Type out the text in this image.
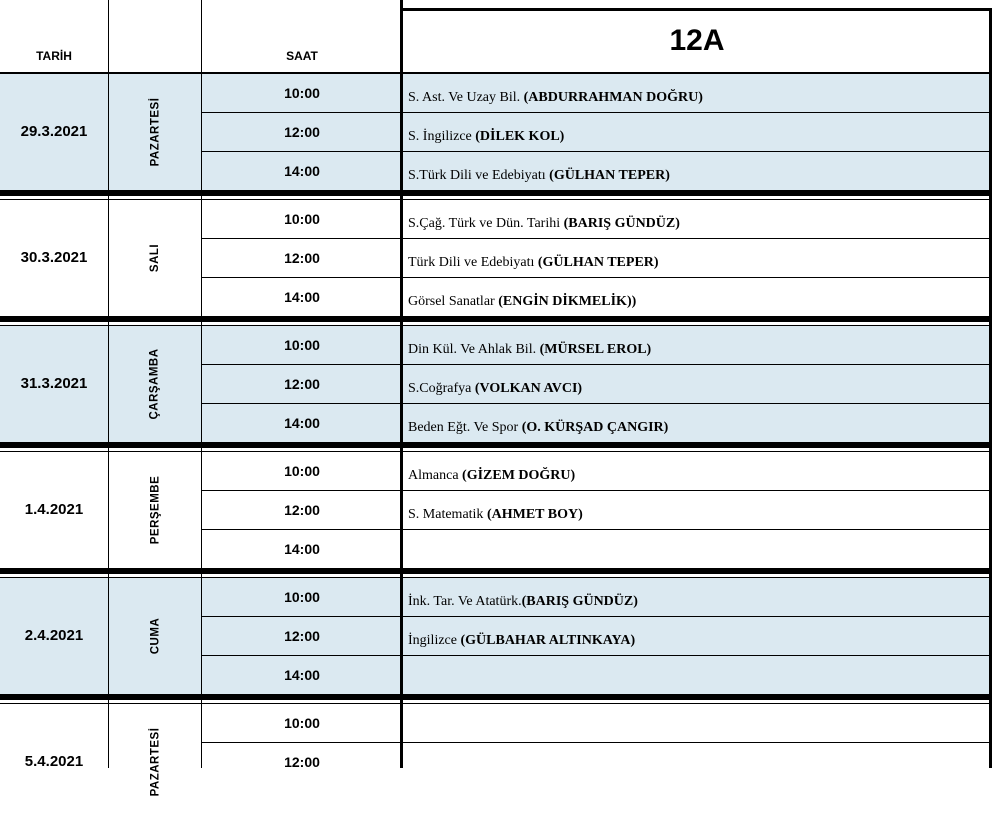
TARİH	SAAT	12A
29.3.2021	PAZARTESİ
10:00	S. Ast. Ve Uzay Bil. (ABDURRAHMAN DOĞRU)
12:00	S. İngilizce (DİLEK KOL)
14:00	S.Türk Dili ve Edebiyatı (GÜLHAN TEPER)
30.3.2021	SALI
10:00	S.Çağ. Türk ve Dün. Tarihi (BARIŞ GÜNDÜZ)
12:00	Türk Dili ve Edebiyatı (GÜLHAN TEPER)
14:00	Görsel Sanatlar (ENGİN DİKMELİK))
31.3.2021	ÇARŞAMBA
10:00	Din Kül. Ve Ahlak Bil. (MÜRSEL EROL)
12:00	S.Coğrafya (VOLKAN AVCI)
14:00	Beden Eğt. Ve Spor (O. KÜRŞAD ÇANGIR)
1.4.2021	PERŞEMBE
10:00	Almanca (GİZEM DOĞRU)
12:00	S. Matematik (AHMET BOY)
14:00
2.4.2021	CUMA
10:00	İnk. Tar. Ve Atatürk.(BARIŞ GÜNDÜZ)
12:00	İngilizce (GÜLBAHAR ALTINKAYA)
14:00
5.4.2021	PAZARTESİ
10:00
12:00
